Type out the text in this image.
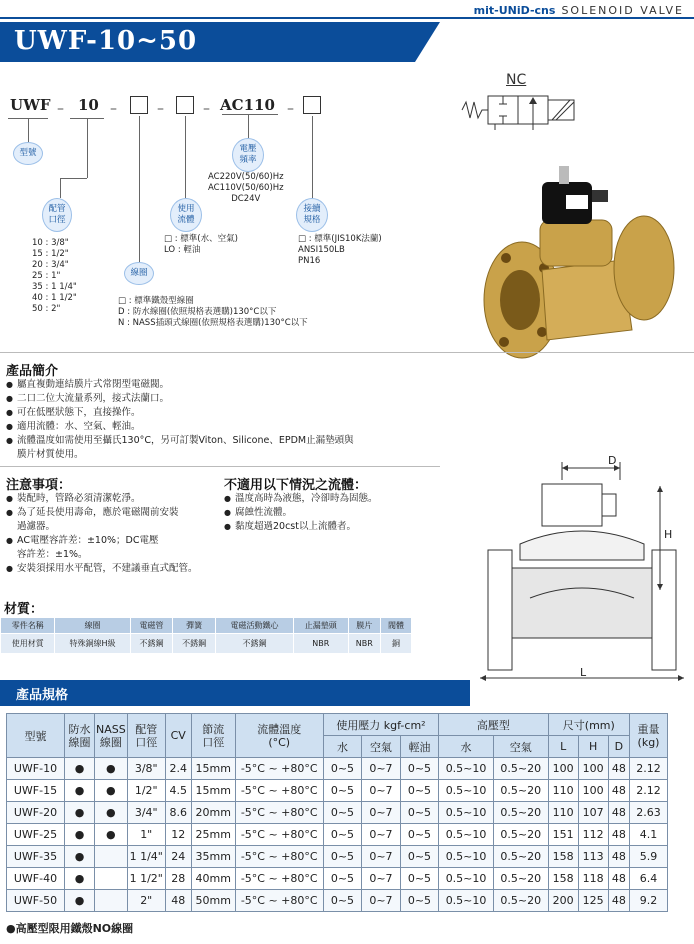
mit-UNiD-cns SOLENOID VALVE
UWF-10~50
UWF 10	AC110
–	–	–	–	–
型號
配管
口徑
10 : 3/8"
15 : 1/2"
20 : 3/4"
25 : 1"
35 : 1 1/4"
40 : 1 1/2"
50 : 2"
線圈
□ : 標準鐵殼型線圈
D : 防水線圈(依照規格表選購)130°C以下
N : NASS插頭式線圈(依照規格表選購)130°C以下
使用
流體
□ : 標準(水、空氣)
LO : 輕油
電壓
頻率
AC220V(50/60)Hz
AC110V(50/60)Hz
DC24V
接續
規格
□ : 標準(JIS10K法蘭)
ANSI150LB
PN16
NC
產品簡介
● 屬直複動連結膜片式常閉型電磁閥。
● 二口二位大流量系列，接式法蘭口。
● 可在低壓狀態下，直接操作。
● 適用流體：水、空氣、輕油。
● 流體溫度如需使用至攝氏130°C，另可訂製Viton、Silicone、EPDM止漏墊頭與
膜片材質使用。
注意事項：
● 裝配時，管路必須清潔乾淨。
● 為了延長使用壽命，應於電磁閥前安裝
過濾器。
● AC電壓容許差：±10%；DC電壓
容許差：±1%。
● 安裝須採用水平配管，不建議垂直式配管。
不適用以下情況之流體：
● 溫度高時為液態，冷卻時為固態。
● 腐蝕性流體。
● 黏度超過20cst以上流體者。
材質：
零件名稱	線圈	電磁管	彈簧	電磁活動鐵心	止漏墊頭	膜片	閥體
使用材質	特殊銅線H級	不銹鋼	不銹鋼	不銹鋼	NBR	NBR	銅
D
H
L
產品規格
型號	防水
線圈	NASS
線圈	配管
口徑	CV	節流
口徑	流體溫度
(°C)	使用壓力 kgf-cm²			高壓型		尺寸(mm)			重量
(kg)
							水	空氣	輕油	水	空氣	L	H	D	
UWF-10	●	●	3/8"	2.4	15mm	-5°C ~ +80°C	0~5	0~7	0~5	0.5~10	0.5~20	100	100	48	2.12
UWF-15	●	●	1/2"	4.5	15mm	-5°C ~ +80°C	0~5	0~7	0~5	0.5~10	0.5~20	110	100	48	2.12
UWF-20	●	●	3/4"	8.6	20mm	-5°C ~ +80°C	0~5	0~7	0~5	0.5~10	0.5~20	110	107	48	2.63
UWF-25	●	●	1"	12	25mm	-5°C ~ +80°C	0~5	0~7	0~5	0.5~10	0.5~20	151	112	48	4.1
UWF-35	●		1 1/4"	24	35mm	-5°C ~ +80°C	0~5	0~7	0~5	0.5~10	0.5~20	158	113	48	5.9
UWF-40	●		1 1/2"	28	40mm	-5°C ~ +80°C	0~5	0~7	0~5	0.5~10	0.5~20	158	118	48	6.4
UWF-50	●		2"	48	50mm	-5°C ~ +80°C	0~5	0~7	0~5	0.5~10	0.5~20	200	125	48	9.2
●高壓型限用鐵殼NO線圈
